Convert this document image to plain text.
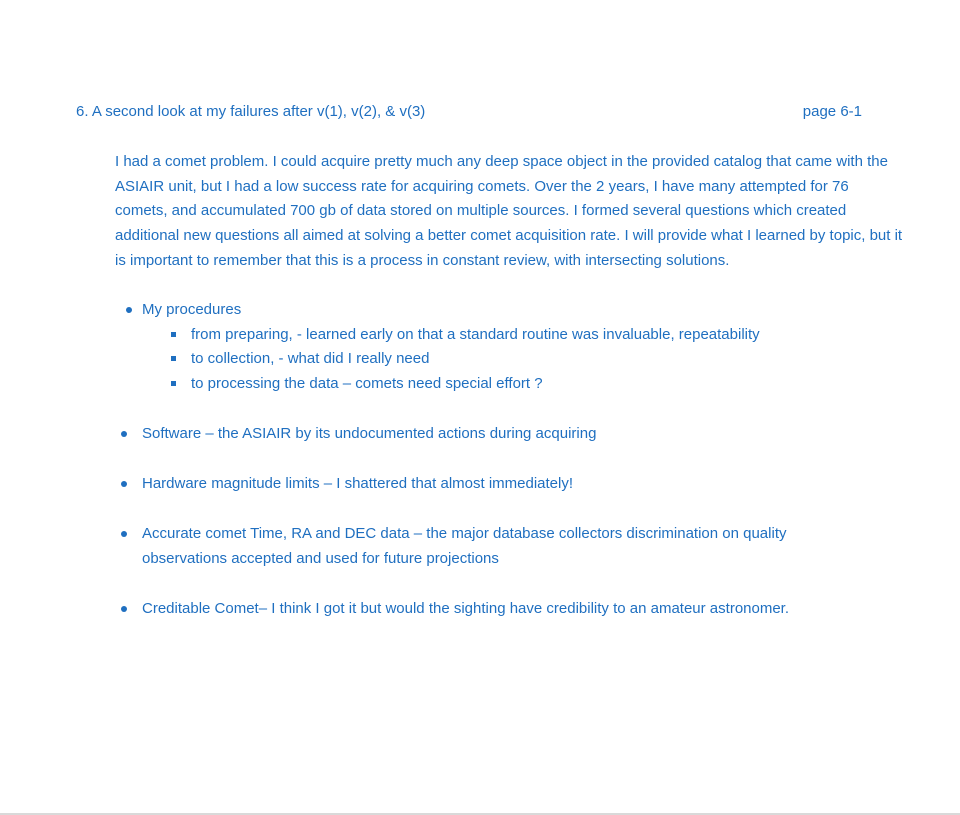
6. A second look at my failures after v(1), v(2), & v(3)	page 6-1

I had a comet problem. I could acquire pretty much any deep space object in the provided catalog that came with the ASIAIR unit, but I had a low success rate for acquiring comets. Over the 2 years, I have many attempted for 76 comets, and accumulated 700 gb of data stored on multiple sources. I formed several questions which created additional new questions all aimed at solving a better comet acquisition rate. I will provide what I learned by topic, but it is important to remember that this is a process in constant review, with intersecting solutions.

My procedures
Software – the ASIAIR by its undocumented actions during acquiring
Hardware magnitude limits – I shattered that almost immediately!
Accurate comet Time, RA and DEC data – the major database collectors discrimination on quality observations accepted and used for future projections
Creditable Comet– I think I got it but would the sighting have credibility to an amateur astronomer.
from preparing, - learned early on that a standard routine was invaluable, repeatability
to collection, - what did I really need
to processing the data – comets need special effort ?
